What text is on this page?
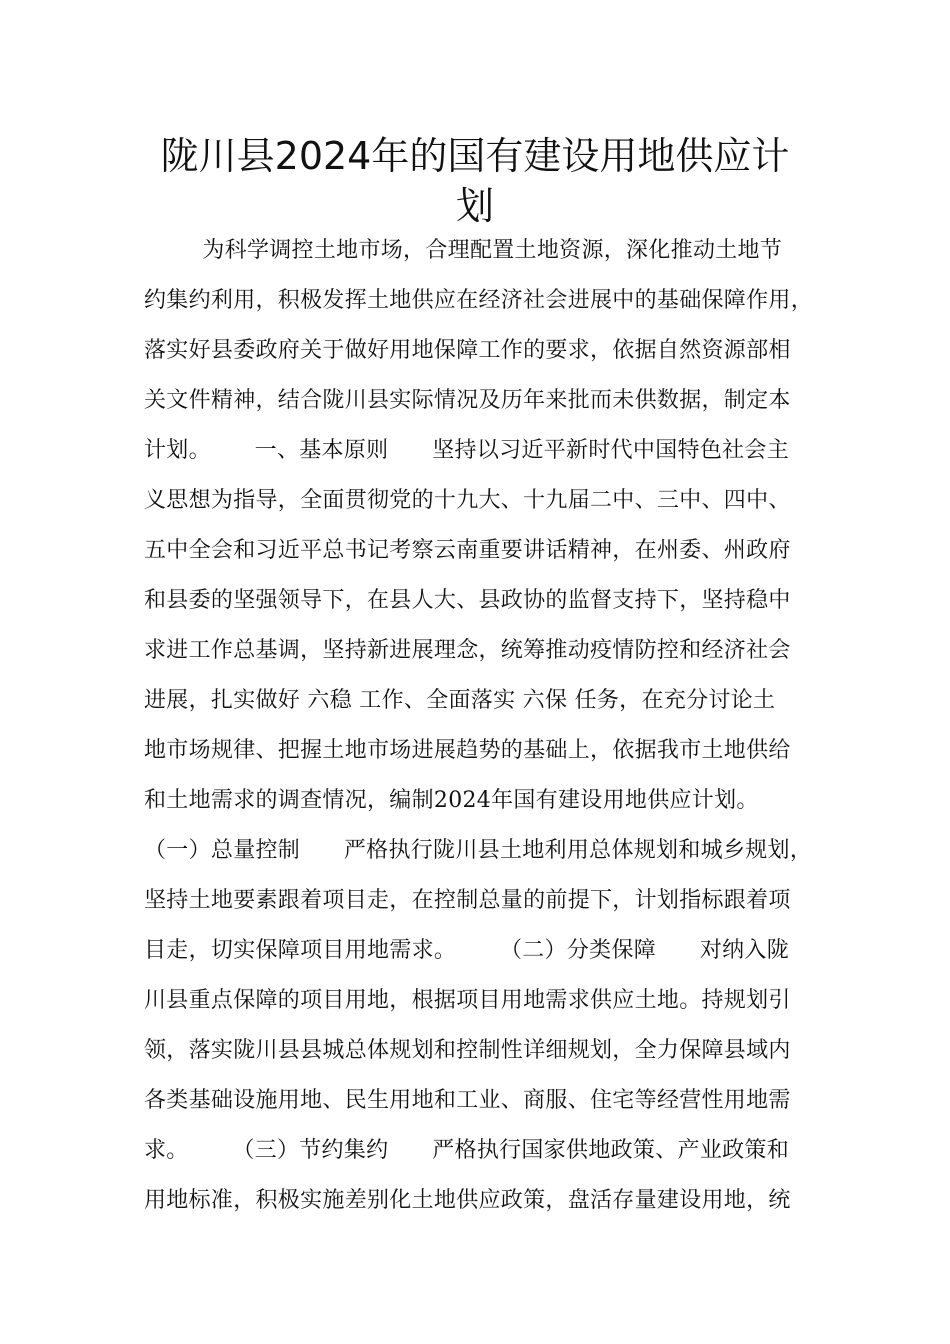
陇川县2024年的国有建设用地供应计
划
为科学调控土地市场，合理配置土地资源，深化推动土地节
约集约利用，积极发挥土地供应在经济社会进展中的基础保障作用，
落实好县委政府关于做好用地保障工作的要求，依据自然资源部相
关文件精神，结合陇川县实际情况及历年来批而未供数据，制定本
计划。      一、基本原则      坚持以习近平新时代中国特色社会主
义思想为指导，全面贯彻党的十九大、十九届二中、三中、四中、
五中全会和习近平总书记考察云南重要讲话精神，在州委、州政府
和县委的坚强领导下，在县人大、县政协的监督支持下，坚持稳中
求进工作总基调，坚持新进展理念，统筹推动疫情防控和经济社会
进展，扎实做好 六稳 工作、全面落实 六保 任务，在充分讨论土
地市场规律、把握土地市场进展趋势的基础上，依据我市土地供给
和土地需求的调查情况，编制2024年国有建设用地供应计划。
（一）总量控制      严格执行陇川县土地利用总体规划和城乡规划，
坚持土地要素跟着项目走，在控制总量的前提下，计划指标跟着项
目走，切实保障项目用地需求。      （二）分类保障      对纳入陇
川县重点保障的项目用地，根据项目用地需求供应土地。持规划引
领，落实陇川县县城总体规划和控制性详细规划，全力保障县域内
各类基础设施用地、民生用地和工业、商服、住宅等经营性用地需
求。      （三）节约集约      严格执行国家供地政策、产业政策和
用地标准，积极实施差别化土地供应政策，盘活存量建设用地，统
